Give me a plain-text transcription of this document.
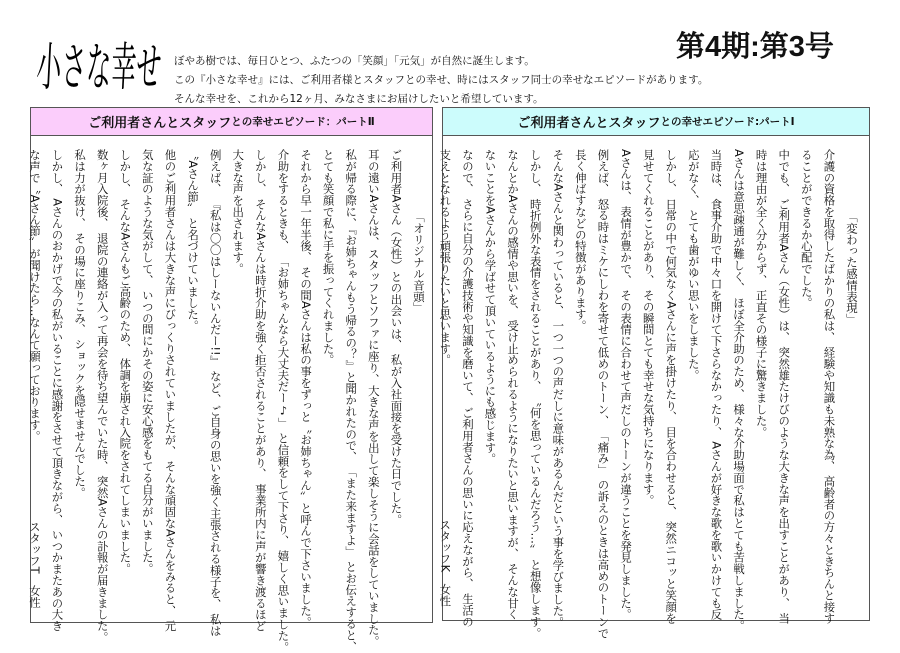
小さな幸せ	第4期:第3号
ぼやあ樹では、毎日ひとつ、ふたつの「笑顔」「元気」が自然に誕生します。
この『小さな幸せ』には、ご利用者様とスタッフとの幸せ、時にはスタッフ同士の幸せなエピソードがあります。
そんな幸せを、これから12ヶ月、みなさまにお届けしたいと希望しています。
ご利用者さんとスタッフ との幸せエピソード：パートⅡ
「オリジナル音頭」
ご利用者Aさん（女性）との出会いは、 私が入社面接を受けた日でした。
耳の遠いAさんは、スタッフとソファに座り、大きな声を出して楽しそうに会話をしていました。
私が帰る際に、『お姉ちゃんもう帰るの？』と聞かれたので、 「また来ますよ」 とお伝えすると、
とても笑顔で私に手を振ってくれました。
それから早一年半後、 その間Aさんは私の事をずっと〝お姉ちゃん〟と呼んで下さいました。
介助をするときも、 「お姉ちゃんなら大丈夫だー♪」 と信頼をして下さり、 嬉しく思いました。
しかし、 そんなAさんは時折介助を強く拒否されることがあり、 事業所内に声が響き渡るほど
大きな声を出されます。
例えば、 『私は〇〇はしーないんだー!!』 など、ご自身の思いを強く主張される様子を、 私は
〝Aさん節〟 と名づけていました。
他のご利用者さんは大きな声にびっくりされていましたが、 そんな頑固なAさんをみると、 元
気な証のような気がして、 いつの間にかその姿に安心感をもてる自分がいました。
しかし、 そんなAさんもご高齢のため、 体調を崩され入院をされてしまいました。
数ヶ月入院後、 退院の連絡が入って再会を待ち望んでいた時、 突然Aさんの訃報が届きました。
私は力が抜け、 その場に座りこみ、 ショックを隠せませんでした。
しかし、 Aさんのおかげで今の私がいることに感謝をさせて頂きながら、 いつかまたあの大き
な声で〝Aさん節〟が聞けたら…なんて願っております。
スタッフT　女性
ご利用者さんとスタッフ との幸せエピソード:パートⅠ
「変わった感情表現」
介護の資格を取得したばかりの私は、 経験や知識も未熟な為、 高齢者の方々ときちんと接す
ることができるか心配でした。
中でも、 ご利用者Aさん（女性）は、 突然雄たけびのような大きな声を出すことがあり、 当
時は理由が全く分からず、 正直その様子に驚きました。
Aさんは意思疎通が難しく、 ほぼ全介助のため、 様々な介助場面で私はとても苦戦しました。
当時は、 食事介助で中々口を開けて下さらなかったり、 Aさんが好きな歌を歌いかけても反
応がなく、 とても歯がゆい思いをしました。
しかし、 日常の中で何気なくAさんに声を掛けたり、 目を合わせると、 突然ニコッと笑顔を
見せてくれることがあり、 その瞬間とても幸せな気持ちになります。
Aさんは、 表情が豊かで、 その表情に合わせて声だしのトーンが違うことを発見しました。
例えば、 怒る時はミケにしわを寄せて低めのトーン、 「痛み」 の訴えのときは高めのトーンで
長く伸ばすなどの特徴があります。
そんなAさんと関わっていると、 一つ一つの声だしに意味があるんだという事を学びました。
しかし、 時折例外な表情をされることがあり、 〝何を思っているんだろう…〟 と想像します。
なんとかAさんの感情や思いを、 受け止められるようになりたいと思いますが、 そんな甘く
ないことをAさんから学ばせて頂いているようにも感じます。
なので、 さらに自分の介護技術や知識を磨いて、 ご利用者さんの思いに応えながら、 生活の
支えとなれるよう頑張りたいと思います。
スタッフK　女性
